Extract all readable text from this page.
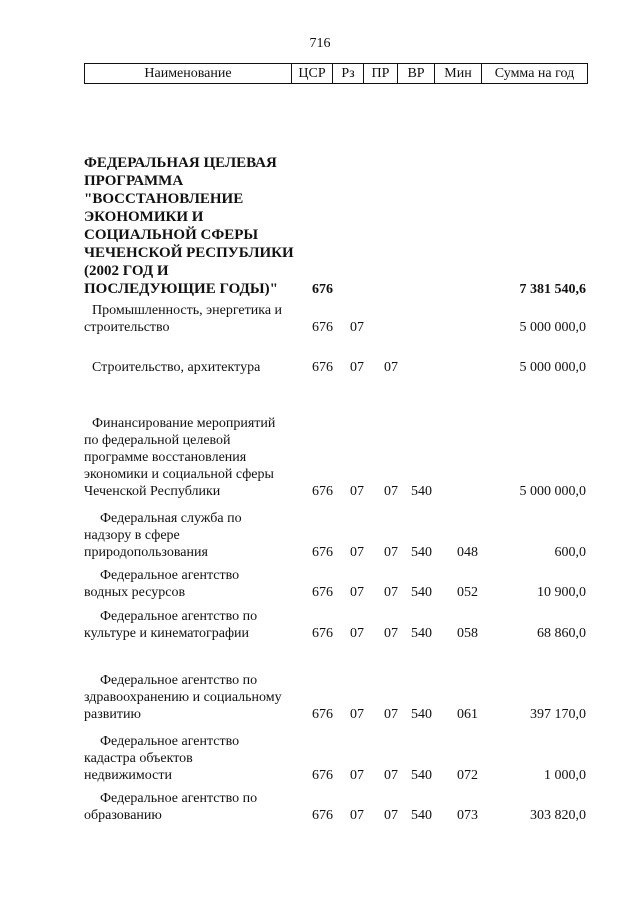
716
Наименование	ЦСР	Рз	ПР	ВР	Мин	Сумма на год
ФЕДЕРАЛЬНАЯ ЦЕЛЕВАЯ ПРОГРАММА "ВОССТАНОВЛЕНИЕ ЭКОНОМИКИ И СОЦИАЛЬНОЙ СФЕРЫ ЧЕЧЕНСКОЙ РЕСПУБЛИКИ (2002 ГОД И ПОСЛЕДУЮЩИЕ ГОДЫ)"	676	7 381 540,6
Промышленность, энергетика и строительство	676 07	5 000 000,0
Строительство, архитектура	676 07 07	5 000 000,0
Финансирование мероприятий по федеральной целевой программе восстановления экономики и социальной сферы Чеченской Республики	676 07 07 540	5 000 000,0
Федеральная служба по надзору в сфере природопользования	676 07 07 540 048	600,0
Федеральное агентство водных ресурсов	676 07 07 540 052	10 900,0
Федеральное агентство по культуре и кинематографии	676 07 07 540 058	68 860,0
Федеральное агентство по здравоохранению и социальному развитию	676 07 07 540 061	397 170,0
Федеральное агентство кадастра объектов недвижимости	676 07 07 540 072	1 000,0
Федеральное агентство по образованию	676 07 07 540 073	303 820,0
